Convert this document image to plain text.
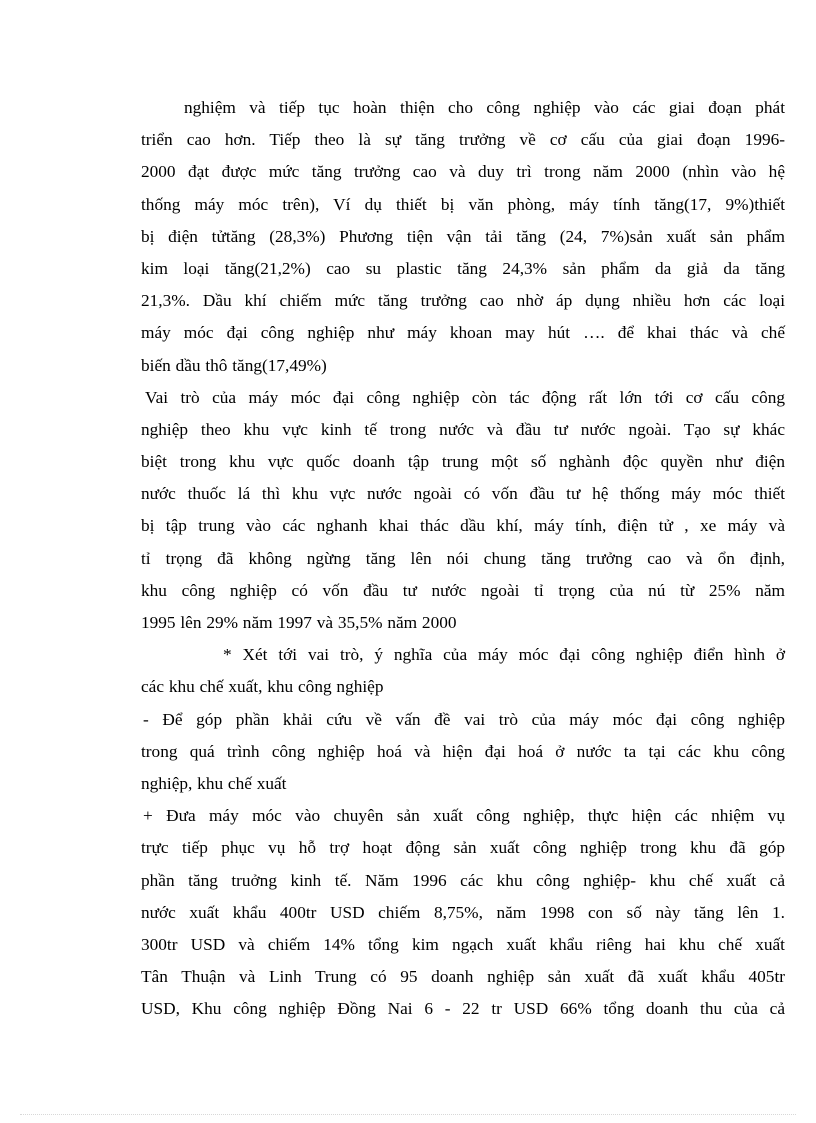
nghiệm và tiếp tục hoàn thiện cho công nghiệp vào các giai đoạn phát
triển cao hơn. Tiếp theo là sự tăng trưởng về cơ cấu của giai đoạn 1996-
2000 đạt được mức tăng trưởng cao và duy trì trong năm 2000 (nhìn vào hệ
thống máy móc trên), Ví dụ thiết bị văn phòng, máy tính tăng(17, 9%)thiết
bị điện tửtăng (28,3%) Phương tiện vận tải tăng (24, 7%)sản xuất sản phẩm
kim loại tăng(21,2%) cao su plastic tăng 24,3% sản phẩm da giả da tăng
21,3%. Dầu khí chiếm mức tăng trưởng cao nhờ áp dụng nhiều hơn các loại
máy móc đại công nghiệp như máy khoan may hút …. để khai thác và chế
biến dầu thô tăng(17,49%)
Vai trò của máy móc đại công nghiệp còn tác động rất lớn tới cơ cấu công
nghiệp theo khu vực kinh tế trong nước và đầu tư nước ngoài. Tạo sự khác
biệt trong khu vực quốc doanh tập trung một số nghành độc quyền như điện
nước thuốc lá thì khu vực nước ngoài có vốn đầu tư hệ thống máy móc thiết
bị tập trung vào các nghanh khai thác dầu khí, máy tính, điện tử , xe máy và
tỉ trọng đã không ngừng tăng lên nói chung tăng trưởng cao và ổn định,
khu công nghiệp có vốn đầu tư nước ngoài tỉ trọng của nú từ 25% năm
1995 lên 29% năm 1997 và 35,5% năm 2000
* Xét tới vai trò, ý nghĩa của máy móc đại công nghiệp điển hình ở
các khu chế xuất, khu công nghiệp
- Để góp phần khải cứu về vấn đề vai trò của máy móc đại công nghiệp
trong quá trình công nghiệp hoá và hiện đại hoá ở nước ta tại các khu công
nghiệp, khu chế xuất
+ Đưa máy móc vào chuyên sản xuất công nghiệp, thực hiện các nhiệm vụ
trực tiếp phục vụ hỗ trợ hoạt động sản xuất công nghiệp trong khu đã góp
phần tăng truởng kinh tế. Năm 1996 các khu công nghiệp- khu chế xuất cả
nước xuất khẩu 400tr USD chiếm 8,75%, năm 1998 con số này tăng lên 1.
300tr USD và chiếm 14% tổng kim ngạch xuất khẩu riêng hai khu chế xuất
Tân Thuận và Linh Trung có 95 doanh nghiệp sản xuất đã xuất khẩu 405tr
USD, Khu công nghiệp Đồng Nai 6 - 22 tr USD 66% tổng doanh thu của cả
